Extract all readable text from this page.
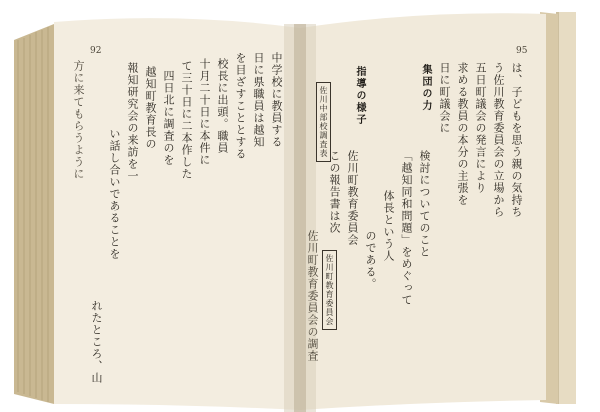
92
方に来てもらうように
れたところ、山
い話し合いであることを
報知研究会の来訪を一 越知町教育長の 四日北に調査のを て三十日に二本作した 十月二十日に本件に 校長に出頭。職員 を目ざすこととする 日に県職員は越知 中学校に教員する
95
は、子どもを思う親の気持ち
う佐川教育委員会の立場から
五日町議会の発言により
求める教員の本分の主張を
日に町議会に
集団の力
検討についてのこと
「越知同和問題」をめぐって
体長という人
のである。
指導の様子
佐川町教育委員会
この報告書は次
佐川中部校調査表
佐川町教育委員会の調査 佐川町教育委員会
